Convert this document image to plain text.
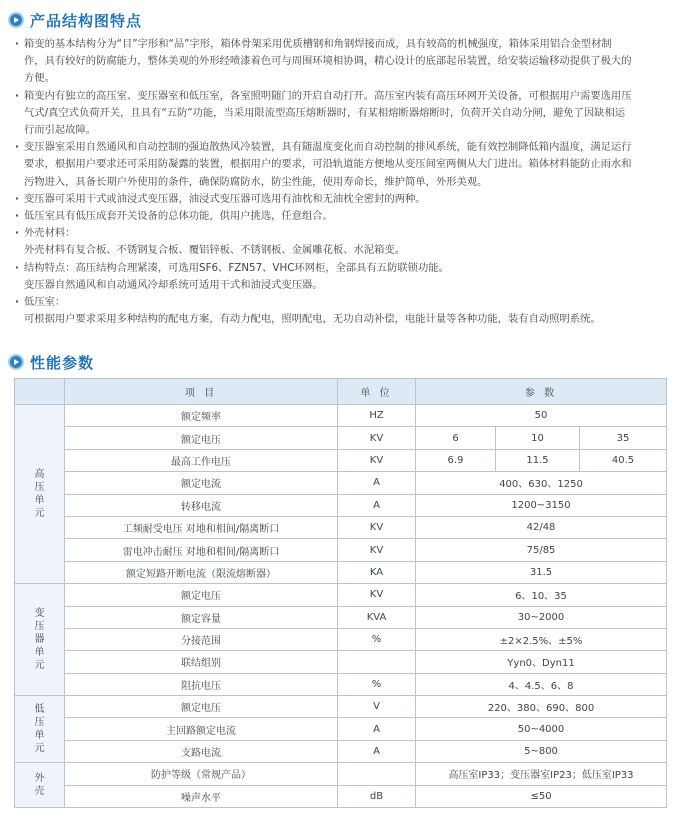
产品结构图特点

· 箱变的基本结构分为“目”字形和“品”字形，箱体骨架采用优质槽钢和角钢焊接而成，具有较高的机械强度，箱体采用铝合金型材制

作，具有较好的防腐能力，整体美观的外形经喷漆着色可与周围环境相协调，精心设计的底部起吊装置，给安装运输移动提供了极大的

方便。

· 箱变内有独立的高压室、变压器室和低压室，各室照明随门的开启自动打开。高压室内装有高压环网开关设备，可根据用户需要选用压

气式/真空式负荷开关，且具有“五防”功能，当采用限流型高压熔断器时，有某相熔断器熔断时，负荷开关自动分闸，避免了因缺相运

行而引起故障。

· 变压器室采用自然通风和自动控制的强迫散热风冷装置，具有随温度变化而自动控制的排风系统，能有效控制降低箱内温度，满足运行

要求，根据用户要求还可采用防凝露的装置，根据用户的要求，可沿轨道能方便地从变压间室两侧从大门进出。箱体材料能防止雨水和

污物进入，具备长期户外使用的条件，确保防腐防水，防尘性能，使用寿命长，维护简单，外形美观。

· 变压器可采用干式或油浸式变压器，油浸式变压器可选用有油枕和无油枕全密封的两种。

· 低压室具有低压成套开关设备的总体功能，供用户挑选，任意组合。

· 外壳材料：

外壳材料有复合板、不锈钢复合板、覆铝锌板、不锈钢板、金属雕花板、水泥箱变。

· 结构特点：高压结构合理紧凑，可选用SF6、FZN57、VHC环网柜，全部具有五防联锁功能。

变压器自然通风和自动通风冷却系统可适用干式和油浸式变压器。

· 低压室：

可根据用户要求采用多种结构的配电方案，有动力配电，照明配电，无功自动补偿，电能计量等各种功能，装有自动照明系统。

性能参数
	项 目	单 位	参 数		

高
压
单
元	额定频率	HZ	50		
	额定电压	KV	6	10	35
	最高工作电压	KV	6.9	11.5	40.5
	额定电流	A	400、630、1250		
	转移电流	A	1200~3150		
	工频耐受电压 对地和相间/隔离断口	KV	42/48		
	雷电冲击耐压 对地和相间/隔离断口	KV	75/85		
	额定短路开断电流（限流熔断器）	KA	31.5		

变
压
器
单
元	额定电压	KV	6、10、35		
	额定容量	KVA	30~2000		
	分接范围	%	±2×2.5%、±5%		
	联结组别		Yyn0、Dyn11		
	阻抗电压	%	4、4.5、6、8		

低
压
单
元	额定电压	V	220、380、690、800		
	主回路额定电流	A	50~4000		
	支路电流	A	5~800		

外
壳	防护等级（常规产品）		高压室IP33；变压器室IP23；低压室IP33		
	噪声水平	dB	≤50		
